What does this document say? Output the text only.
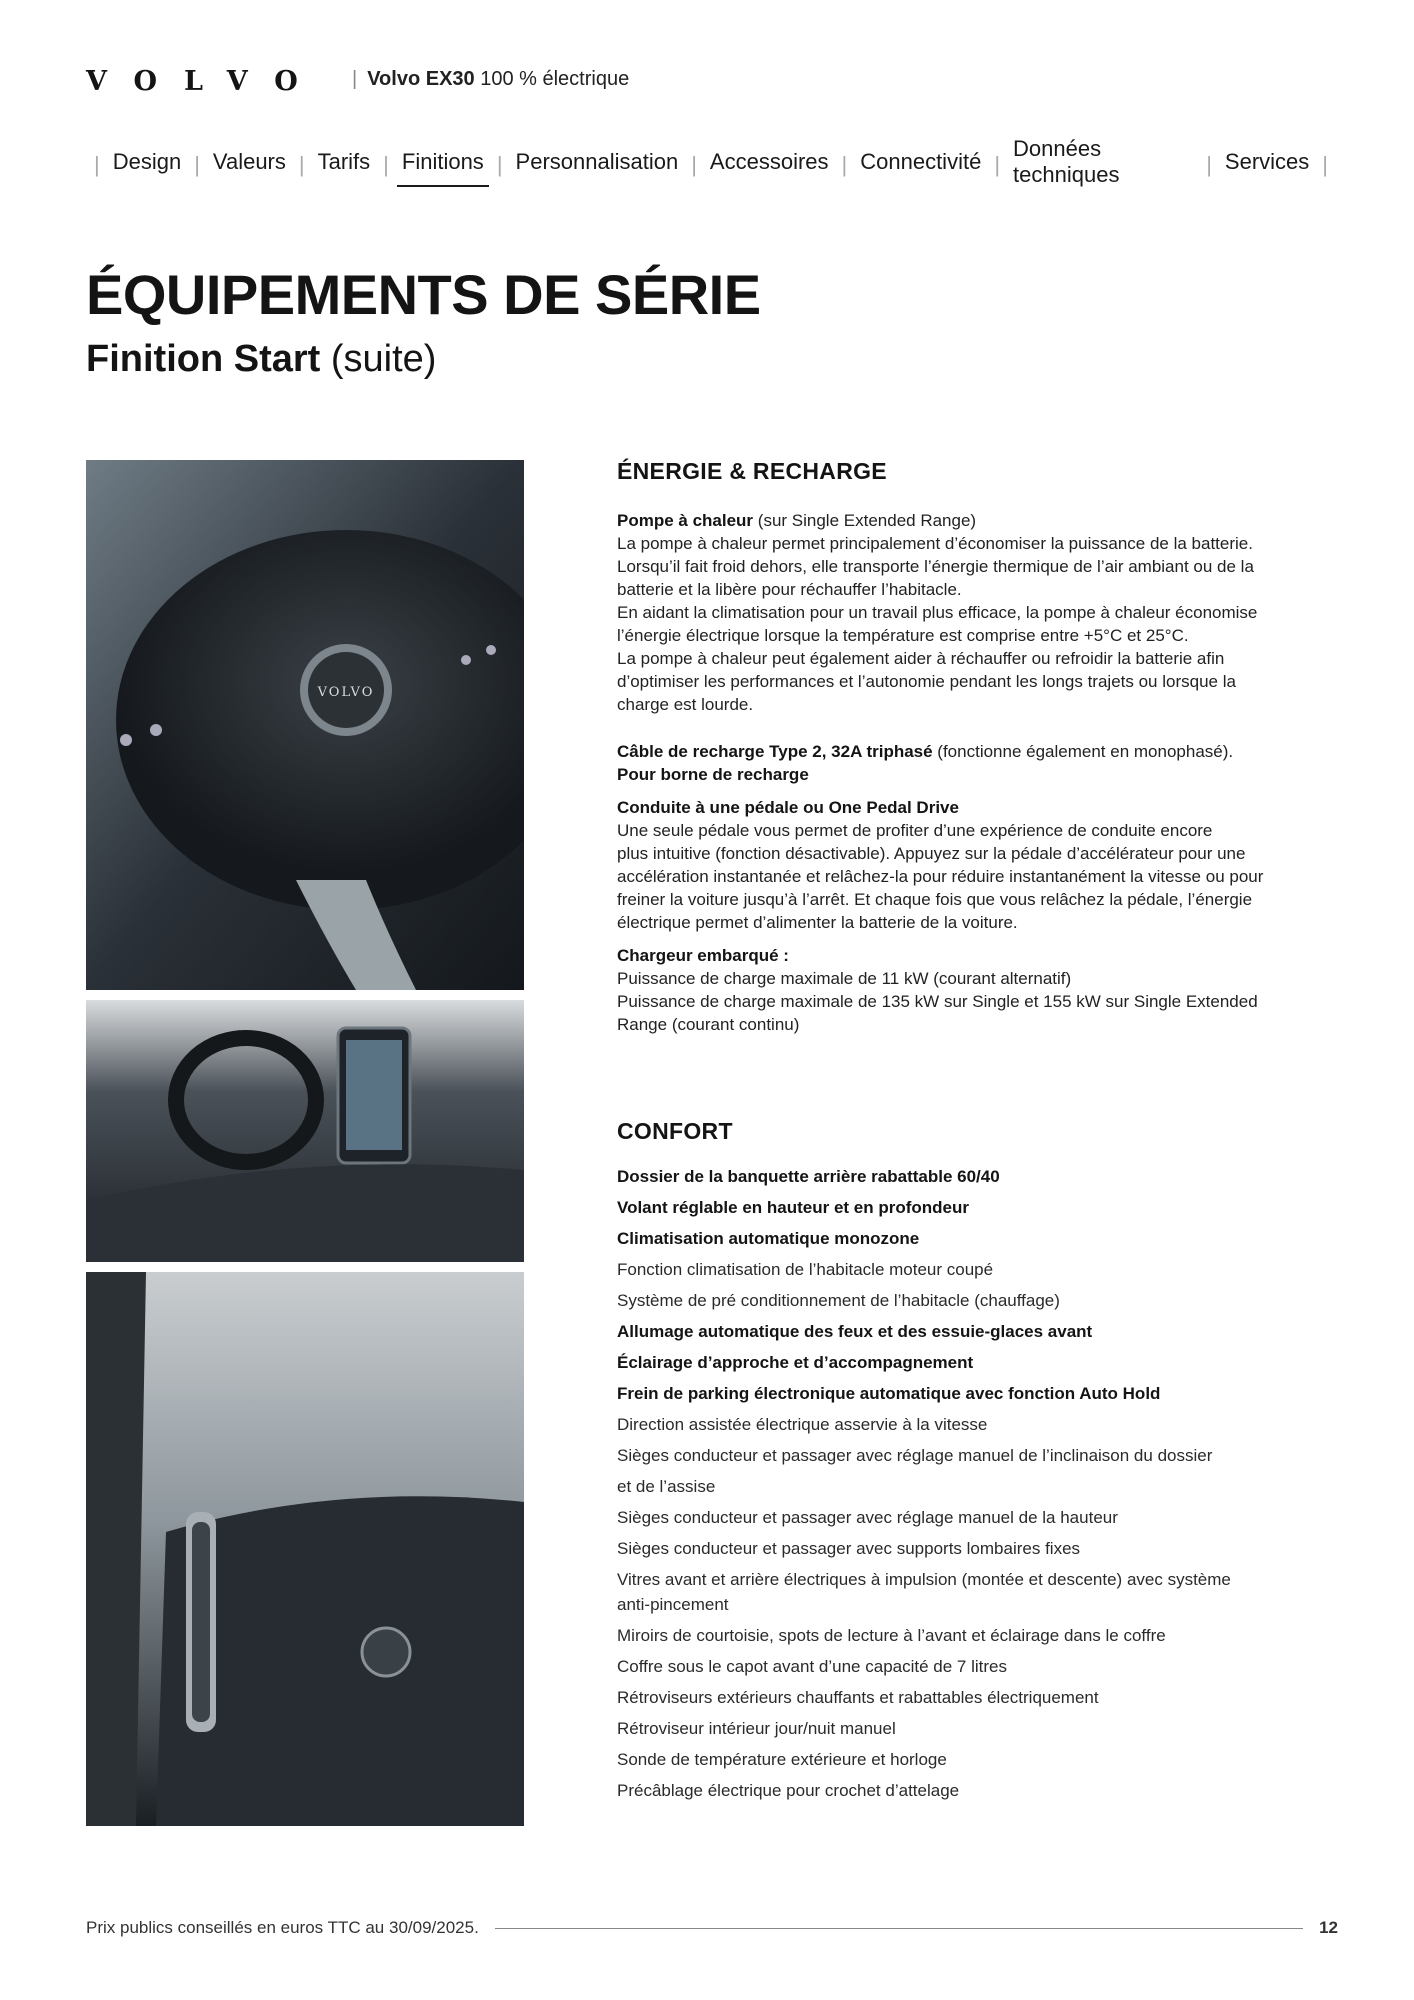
VOLVO | Volvo EX30 100 % électrique
| Design | Valeurs | Tarifs | Finitions | Personnalisation | Accessoires | Connectivité |
Données techniques	| Services |
ÉQUIPEMENTS DE SÉRIE
Finition Start (suite)
VOLVO
ÉNERGIE & RECHARGE

Pompe à chaleur (sur Single Extended Range)

La pompe à chaleur permet principalement d’économiser la puissance de la batterie.

Lorsqu’il fait froid dehors, elle transporte l’énergie thermique de l’air ambiant ou de la

batterie et la libère pour réchauffer l’habitacle.

En aidant la climatisation pour un travail plus efficace, la pompe à chaleur économise

l’énergie électrique lorsque la température est comprise entre +5°C et 25°C.

La pompe à chaleur peut également aider à réchauffer ou refroidir la batterie afin

d’optimiser les performances et l’autonomie pendant les longs trajets ou lorsque la

charge est lourde.

Câble de recharge Type 2, 32A triphasé (fonctionne également en monophasé).

Pour borne de recharge

Conduite à une pédale ou One Pedal Drive

Une seule pédale vous permet de profiter d’une expérience de conduite encore

plus intuitive (fonction désactivable). Appuyez sur la pédale d’accélérateur pour une

accélération instantanée et relâchez-la pour réduire instantanément la vitesse ou pour

freiner la voiture jusqu’à l’arrêt. Et chaque fois que vous relâchez la pédale, l’énergie

électrique permet d’alimenter la batterie de la voiture.

Chargeur embarqué :

Puissance de charge maximale de 11 kW (courant alternatif)

Puissance de charge maximale de 135 kW sur Single et 155 kW sur Single Extended

Range (courant continu)

CONFORT
Dossier de la banquette arrière rabattable 60/40
Volant réglable en hauteur et en profondeur
Climatisation automatique monozone
Fonction climatisation de l’habitacle moteur coupé
Système de pré conditionnement de l’habitacle (chauffage)
Allumage automatique des feux et des essuie-glaces avant
Éclairage d’approche et d’accompagnement
Frein de parking électronique automatique avec fonction Auto Hold
Direction assistée électrique asservie à la vitesse
Sièges conducteur et passager avec réglage manuel de l’inclinaison du dossier
et de l’assise
Sièges conducteur et passager avec réglage manuel de la hauteur
Sièges conducteur et passager avec supports lombaires fixes
Vitres avant et arrière électriques à impulsion (montée et descente) avec système
anti-pincement
Miroirs de courtoisie, spots de lecture à l’avant et éclairage dans le coffre
Coffre sous le capot avant d’une capacité de 7 litres
Rétroviseurs extérieurs chauffants et rabattables électriquement
Rétroviseur intérieur jour/nuit manuel
Sonde de température extérieure et horloge
Précâblage électrique pour crochet d’attelage
Prix publics conseillés en euros TTC au 30/09/2025.	12
